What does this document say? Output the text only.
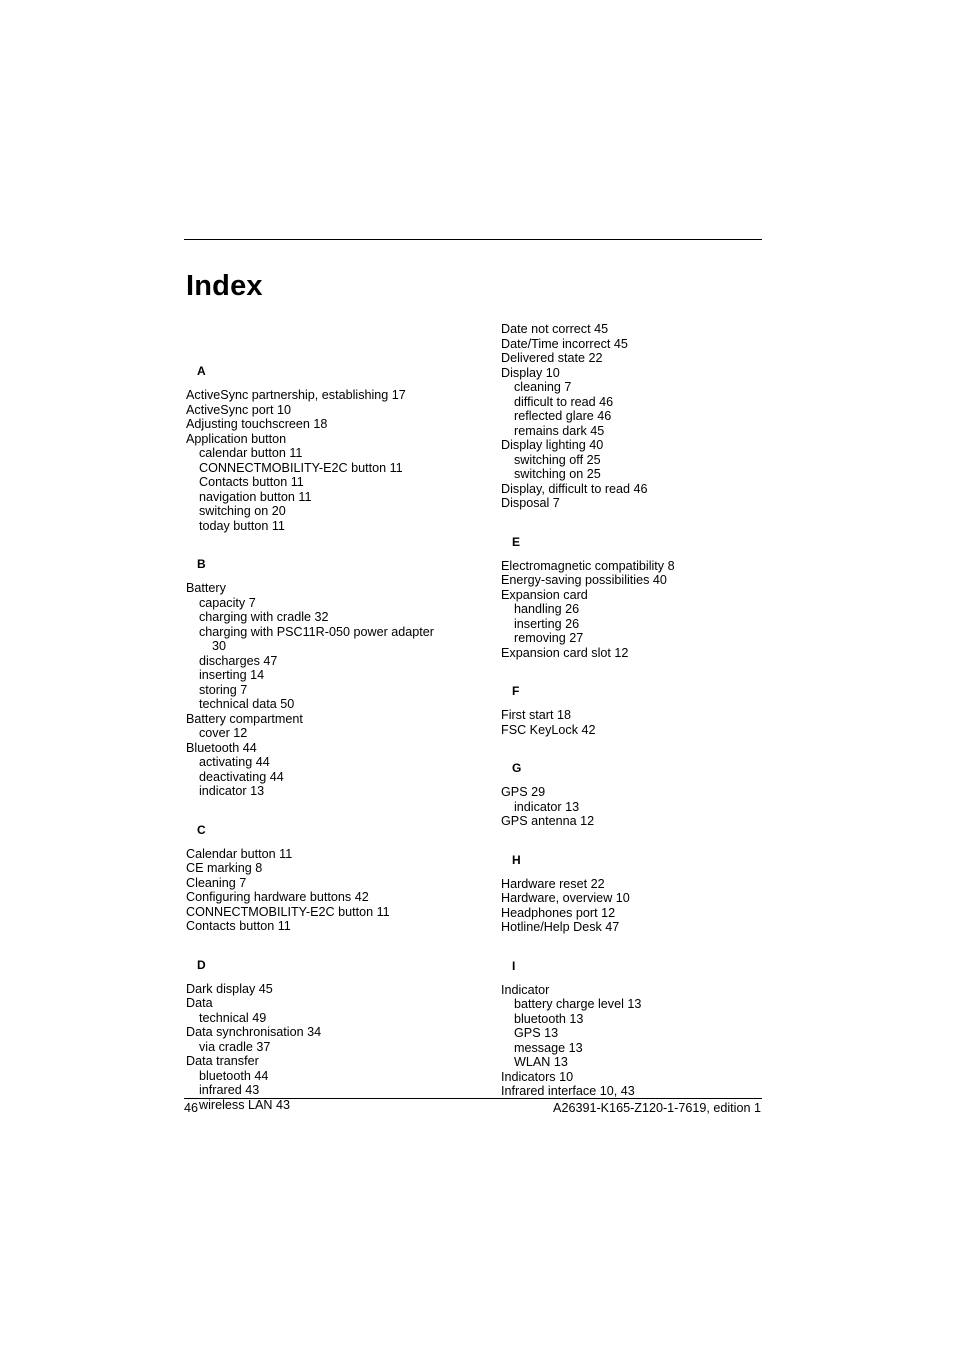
Index
A
ActiveSync partnership, establishing 17
ActiveSync port 10
Adjusting touchscreen 18
Application button
calendar button 11
CONNECTMOBILITY-E2C button 11
Contacts button 11
navigation button 11
switching on 20
today button 11
B
Battery
capacity 7
charging with cradle 32
charging with PSC11R-050 power adapter
30
discharges 47
inserting 14
storing 7
technical data 50
Battery compartment
cover 12
Bluetooth 44
activating 44
deactivating 44
indicator 13
C
Calendar button 11
CE marking 8
Cleaning 7
Configuring hardware buttons 42
CONNECTMOBILITY-E2C button 11
Contacts button 11
D
Dark display 45
Data
technical 49
Data synchronisation 34
via cradle 37
Data transfer
bluetooth 44
infrared 43
wireless LAN 43
Date not correct 45
Date/Time incorrect 45
Delivered state 22
Display 10
cleaning 7
difficult to read 46
reflected glare 46
remains dark 45
Display lighting 40
switching off 25
switching on 25
Display, difficult to read 46
Disposal 7
E
Electromagnetic compatibility 8
Energy-saving possibilities 40
Expansion card
handling 26
inserting 26
removing 27
Expansion card slot 12
F
First start 18
FSC KeyLock 42
G
GPS 29
indicator 13
GPS antenna 12
H
Hardware reset 22
Hardware, overview 10
Headphones port 12
Hotline/Help Desk 47
I
Indicator
battery charge level 13
bluetooth 13
GPS 13
message 13
WLAN 13
Indicators 10
Infrared interface 10, 43
46	A26391-K165-Z120-1-7619, edition 1
